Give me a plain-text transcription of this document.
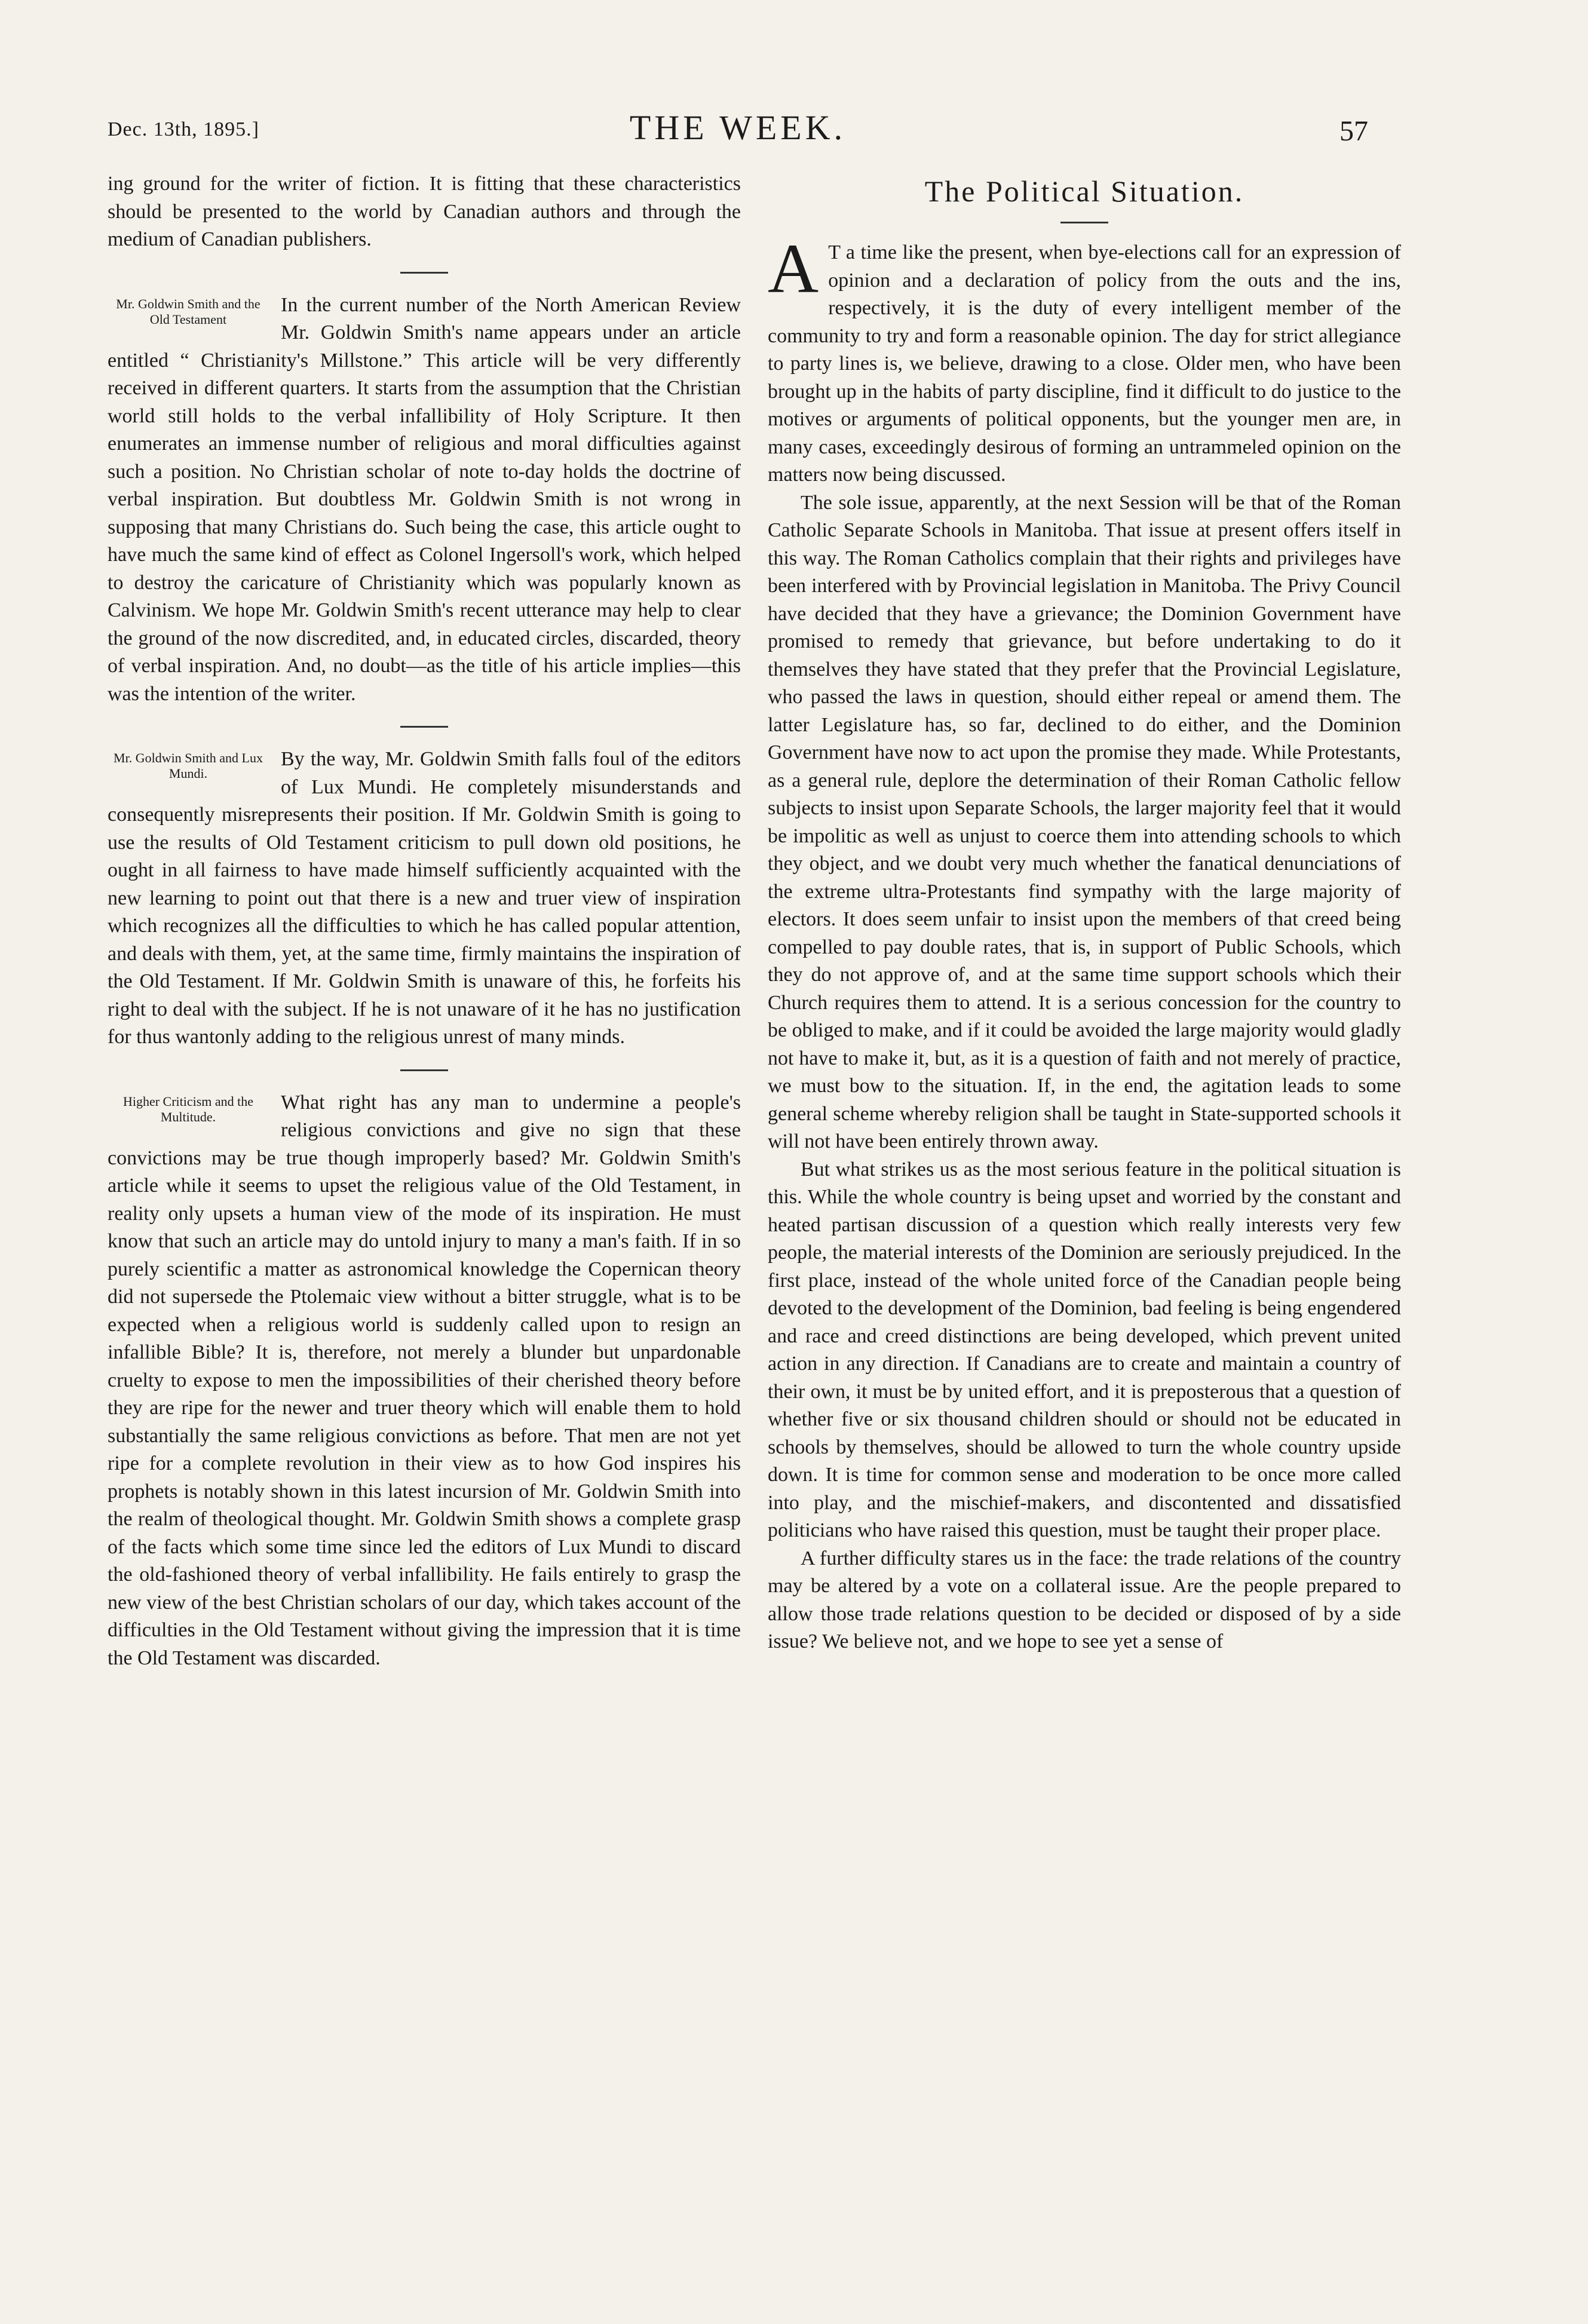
Dec. 13th, 1895.]	THE WEEK.	57

ing ground for the writer of fiction. It is fitting that these characteristics should be presented to the world by Canadian authors and through the medium of Canadian publishers.

Mr. Goldwin Smith and the Old Testament

In the current number of the North American Review Mr. Goldwin Smith's name appears under an article entitled “ Christianity's Millstone.” This article will be very differently received in different quarters. It starts from the assumption that the Christian world still holds to the verbal infallibility of Holy Scripture. It then enumerates an immense number of religious and moral difficulties against such a position. No Christian scholar of note to-day holds the doctrine of verbal inspiration. But doubtless Mr. Goldwin Smith is not wrong in supposing that many Christians do. Such being the case, this article ought to have much the same kind of effect as Colonel Ingersoll's work, which helped to destroy the caricature of Christianity which was popularly known as Calvinism. We hope Mr. Goldwin Smith's recent utterance may help to clear the ground of the now discredited, and, in educated circles, discarded, theory of verbal inspiration. And, no doubt—as the title of his article implies—this was the intention of the writer.

Mr. Goldwin Smith and Lux Mundi.

By the way, Mr. Goldwin Smith falls foul of the editors of Lux Mundi. He completely misunderstands and consequently misrepresents their position. If Mr. Goldwin Smith is going to use the results of Old Testament criticism to pull down old positions, he ought in all fairness to have made himself sufficiently acquainted with the new learning to point out that there is a new and truer view of inspiration which recognizes all the difficulties to which he has called popular attention, and deals with them, yet, at the same time, firmly maintains the inspiration of the Old Testament. If Mr. Goldwin Smith is unaware of this, he forfeits his right to deal with the subject. If he is not unaware of it he has no justification for thus wantonly adding to the religious unrest of many minds.

Higher Criticism and the Multitude.

What right has any man to undermine a people's religious convictions and give no sign that these convictions may be true though improperly based? Mr. Goldwin Smith's article while it seems to upset the religious value of the Old Testament, in reality only upsets a human view of the mode of its inspiration. He must know that such an article may do untold injury to many a man's faith. If in so purely scientific a matter as astronomical knowledge the Copernican theory did not supersede the Ptolemaic view without a bitter struggle, what is to be expected when a religious world is suddenly called upon to resign an infallible Bible? It is, therefore, not merely a blunder but unpardonable cruelty to expose to men the impossibilities of their cherished theory before they are ripe for the newer and truer theory which will enable them to hold substantially the same religious convictions as before. That men are not yet ripe for a complete revolution in their view as to how God inspires his prophets is notably shown in this latest incursion of Mr. Goldwin Smith into the realm of theological thought. Mr. Goldwin Smith shows a complete grasp of the facts which some time since led the editors of Lux Mundi to discard the old-fashioned theory of verbal infallibility. He fails entirely to grasp the new view of the best Christian scholars of our day, which takes account of the difficulties in the Old Testament without giving the impression that it is time the Old Testament was discarded.

The Political Situation.
A T a time like the present, when bye-elections call for an expression of opinion and a declaration of policy from the outs and the ins, respectively, it is the duty of every intelligent member of the community to try and form a reasonable opinion. The day for strict allegiance to party lines is, we believe, drawing to a close. Older men, who have been brought up in the habits of party discipline, find it difficult to do justice to the motives or arguments of political opponents, but the younger men are, in many cases, exceedingly desirous of forming an untrammeled opinion on the matters now being discussed.

The sole issue, apparently, at the next Session will be that of the Roman Catholic Separate Schools in Manitoba. That issue at present offers itself in this way. The Roman Catholics complain that their rights and privileges have been interfered with by Provincial legislation in Manitoba. The Privy Council have decided that they have a grievance; the Dominion Government have promised to remedy that grievance, but before undertaking to do it themselves they have stated that they prefer that the Provincial Legislature, who passed the laws in question, should either repeal or amend them. The latter Legislature has, so far, declined to do either, and the Dominion Government have now to act upon the promise they made. While Protestants, as a general rule, deplore the determination of their Roman Catholic fellow subjects to insist upon Separate Schools, the larger majority feel that it would be impolitic as well as unjust to coerce them into attending schools to which they object, and we doubt very much whether the fanatical denunciations of the extreme ultra-Protestants find sympathy with the large majority of electors. It does seem unfair to insist upon the members of that creed being compelled to pay double rates, that is, in support of Public Schools, which they do not approve of, and at the same time support schools which their Church requires them to attend. It is a serious concession for the country to be obliged to make, and if it could be avoided the large majority would gladly not have to make it, but, as it is a question of faith and not merely of practice, we must bow to the situation. If, in the end, the agitation leads to some general scheme whereby religion shall be taught in State-supported schools it will not have been entirely thrown away.

But what strikes us as the most serious feature in the political situation is this. While the whole country is being upset and worried by the constant and heated partisan discussion of a question which really interests very few people, the material interests of the Dominion are seriously prejudiced. In the first place, instead of the whole united force of the Canadian people being devoted to the development of the Dominion, bad feeling is being engendered and race and creed distinctions are being developed, which prevent united action in any direction. If Canadians are to create and maintain a country of their own, it must be by united effort, and it is preposterous that a question of whether five or six thousand children should or should not be educated in schools by themselves, should be allowed to turn the whole country upside down. It is time for common sense and moderation to be once more called into play, and the mischief-makers, and discontented and dissatisfied politicians who have raised this question, must be taught their proper place.

A further difficulty stares us in the face: the trade relations of the country may be altered by a vote on a collateral issue. Are the people prepared to allow those trade relations question to be decided or disposed of by a side issue? We believe not, and we hope to see yet a sense of
